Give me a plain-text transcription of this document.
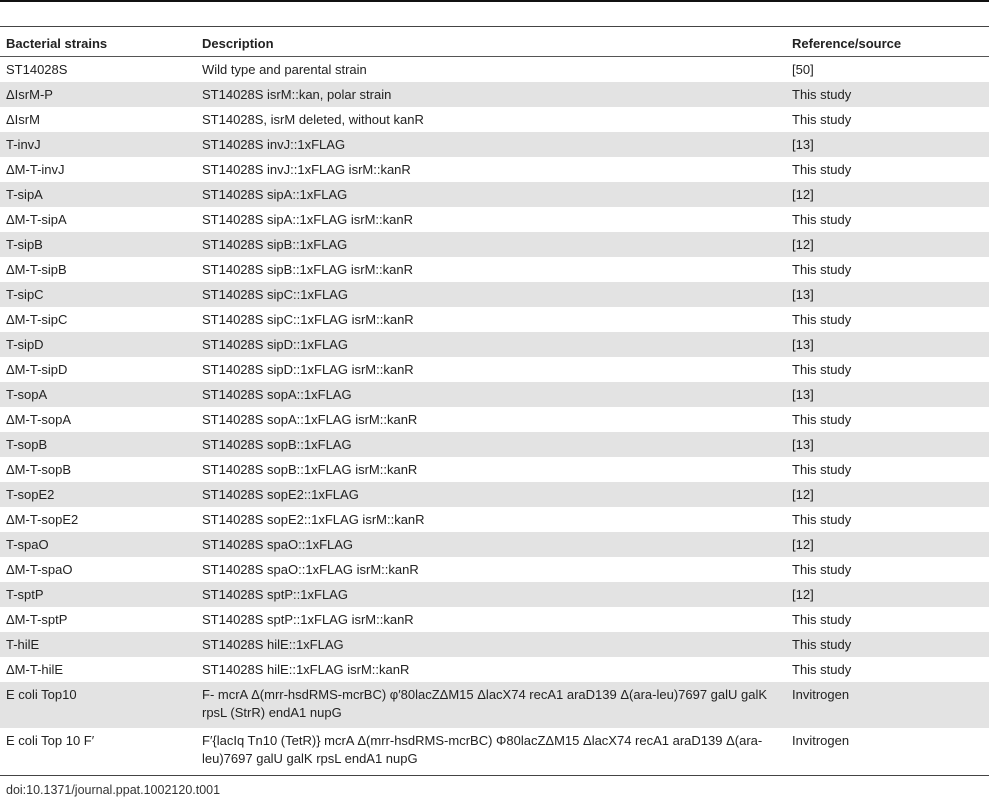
Bacterial strains	Description	Reference/source
ST14028S	Wild type and parental strain	[50]
ΔIsrM-P	ST14028S isrM::kan, polar strain	This study
ΔIsrM	ST14028S, isrM deleted, without kanR	This study
T-invJ	ST14028S invJ::1xFLAG	[13]
ΔM-T-invJ	ST14028S invJ::1xFLAG isrM::kanR	This study
T-sipA	ST14028S sipA::1xFLAG	[12]
ΔM-T-sipA	ST14028S sipA::1xFLAG isrM::kanR	This study
T-sipB	ST14028S sipB::1xFLAG	[12]
ΔM-T-sipB	ST14028S sipB::1xFLAG isrM::kanR	This study
T-sipC	ST14028S sipC::1xFLAG	[13]
ΔM-T-sipC	ST14028S sipC::1xFLAG isrM::kanR	This study
T-sipD	ST14028S sipD::1xFLAG	[13]
ΔM-T-sipD	ST14028S sipD::1xFLAG isrM::kanR	This study
T-sopA	ST14028S sopA::1xFLAG	[13]
ΔM-T-sopA	ST14028S sopA::1xFLAG isrM::kanR	This study
T-sopB	ST14028S sopB::1xFLAG	[13]
ΔM-T-sopB	ST14028S sopB::1xFLAG isrM::kanR	This study
T-sopE2	ST14028S sopE2::1xFLAG	[12]
ΔM-T-sopE2	ST14028S sopE2::1xFLAG isrM::kanR	This study
T-spaO	ST14028S spaO::1xFLAG	[12]
ΔM-T-spaO	ST14028S spaO::1xFLAG isrM::kanR	This study
T-sptP	ST14028S sptP::1xFLAG	[12]
ΔM-T-sptP	ST14028S sptP::1xFLAG isrM::kanR	This study
T-hilE	ST14028S hilE::1xFLAG	This study
ΔM-T-hilE	ST14028S hilE::1xFLAG isrM::kanR	This study
E coli Top10	F- mcrA Δ(mrr-hsdRMS-mcrBC) φ′80lacZΔM15 ΔlacX74 recA1 araD139 Δ(ara-leu)7697 galU galK rpsL (StrR) endA1 nupG	Invitrogen
E coli Top 10 F′	F′{lacIq Tn10 (TetR)} mcrA Δ(mrr-hsdRMS-mcrBC) Φ80lacZΔM15 ΔlacX74 recA1 araD139 Δ(ara-leu)7697 galU galK rpsL endA1 nupG	Invitrogen
doi:10.1371/journal.ppat.1002120.t001
